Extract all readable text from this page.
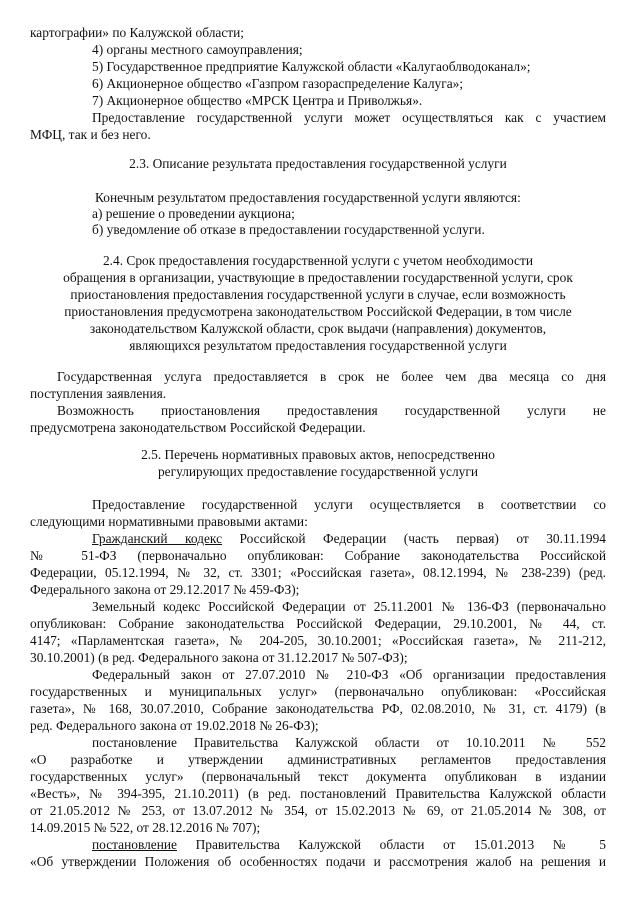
картографии» по Калужской области;

4) органы местного самоуправления;

5) Государственное предприятие Калужской области «Калугаоблводоканал»;

6) Акционерное общество «Газпром газораспределение Калуга»;

7) Акционерное общество «МРСК Центра и Приволжья».

Предоставление государственной услуги может осуществляться как с участием

МФЦ, так и без него.

2.3. Описание результата предоставления государственной услуги

Конечным результатом предоставления государственной услуги являются:

а) решение о проведении аукциона;

б) уведомление об отказе в предоставлении государственной услуги.

2.4. Срок предоставления государственной услуги с учетом необходимости

обращения в организации, участвующие в предоставлении государственной услуги, срок

приостановления предоставления государственной услуги в случае, если возможность

приостановления предусмотрена законодательством Российской Федерации, в том числе

законодательством Калужской области, срок выдачи (направления) документов,

являющихся результатом предоставления государственной услуги

Государственная услуга предоставляется в срок не более чем два месяца со дня

поступления заявления.

Возможность приостановления предоставления государственной услуги не

предусмотрена законодательством Российской Федерации.

2.5. Перечень нормативных правовых актов, непосредственно

регулирующих предоставление государственной услуги

Предоставление государственной услуги осуществляется в соответствии со

следующими нормативными правовыми актами:

Гражданский кодекс Российской Федерации (часть первая) от 30.11.1994

№ 51-ФЗ (первоначально опубликован: Собрание законодательства Российской

Федерации, 05.12.1994, № 32, ст. 3301; «Российская газета», 08.12.1994, № 238-239) (ред.

Федерального закона от 29.12.2017 № 459-ФЗ);

Земельный кодекс Российской Федерации от 25.11.2001 № 136-ФЗ (первоначально

опубликован: Собрание законодательства Российской Федерации, 29.10.2001, № 44, ст.

4147; «Парламентская газета», № 204-205, 30.10.2001; «Российская газета», № 211-212,

30.10.2001) (в ред. Федерального закона от 31.12.2017 № 507-ФЗ);

Федеральный закон от 27.07.2010 № 210-ФЗ «Об организации предоставления

государственных и муниципальных услуг» (первоначально опубликован: «Российская

газета», № 168, 30.07.2010, Собрание законодательства РФ, 02.08.2010, № 31, ст. 4179) (в

ред. Федерального закона от 19.02.2018 № 26-ФЗ);

постановление Правительства Калужской области от 10.10.2011 № 552

«О разработке и утверждении административных регламентов предоставления

государственных услуг» (первоначальный текст документа опубликован в издании

«Весть», № 394-395, 21.10.2011) (в ред. постановлений Правительства Калужской области

от 21.05.2012 № 253, от 13.07.2012 № 354, от 15.02.2013 № 69, от 21.05.2014 № 308, от

14.09.2015 № 522, от 28.12.2016 № 707);

постановление Правительства Калужской области от 15.01.2013 № 5

«Об утверждении Положения об особенностях подачи и рассмотрения жалоб на решения и
